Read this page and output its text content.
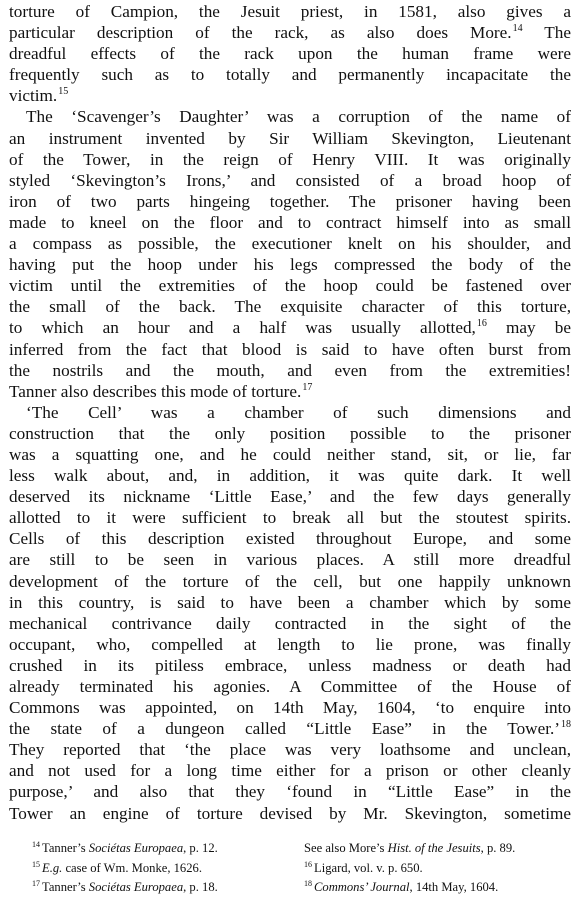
torture of Campion, the Jesuit priest, in 1581, also gives a
particular description of the rack, as also does More.$^{14}$ The
dreadful effects of the rack upon the human frame were
frequently such as to totally and permanently incapacitate the
victim.$^{15}$
The ‘Scavenger’s Daughter’ was a corruption of the name of
an instrument invented by Sir William Skevington, Lieutenant
of the Tower, in the reign of Henry VIII. It was originally
styled ‘Skevington’s Irons,’ and consisted of a broad hoop of
iron of two parts hingeing together. The prisoner having been
made to kneel on the floor and to contract himself into as small
a compass as possible, the executioner knelt on his shoulder, and
having put the hoop under his legs compressed the body of the
victim until the extremities of the hoop could be fastened over
the small of the back. The exquisite character of this torture,
to which an hour and a half was usually allotted,$^{16}$ may be
inferred from the fact that blood is said to have often burst from
the nostrils and the mouth, and even from the extremities!
Tanner also describes this mode of torture.$^{17}$
‘The Cell’ was a chamber of such dimensions and
construction that the only position possible to the prisoner
was a squatting one, and he could neither stand, sit, or lie, far
less walk about, and, in addition, it was quite dark. It well
deserved its nickname ‘Little Ease,’ and the few days generally
allotted to it were sufficient to break all but the stoutest spirits.
Cells of this description existed throughout Europe, and some
are still to be seen in various places. A still more dreadful
development of the torture of the cell, but one happily unknown
in this country, is said to have been a chamber which by some
mechanical contrivance daily contracted in the sight of the
occupant, who, compelled at length to lie prone, was finally
crushed in its pitiless embrace, unless madness or death had
already terminated his agonies. A Committee of the House of
Commons was appointed, on 14th May, 1604, ‘to enquire into
the state of a dungeon called “Little Ease” in the Tower.’$^{18}$
They reported that ‘the place was very loathsome and unclean,
and not used for a long time either for a prison or other cleanly
purpose,’ and also that they ‘found in “Little Ease” in the
Tower an engine of torture devised by Mr. Skevington, sometime
$^{14}$ Tanner’s Sociétas Europaea, p. 12.	See also More’s Hist. of the Jesuits, p. 89.
$^{15}$ E.g. case of Wm. Monke, 1626.	$^{16}$ Ligard, vol. v. p. 650.
$^{17}$ Tanner’s Sociétas Europaea, p. 18.	$^{18}$ Commons’ Journal, 14th May, 1604.
